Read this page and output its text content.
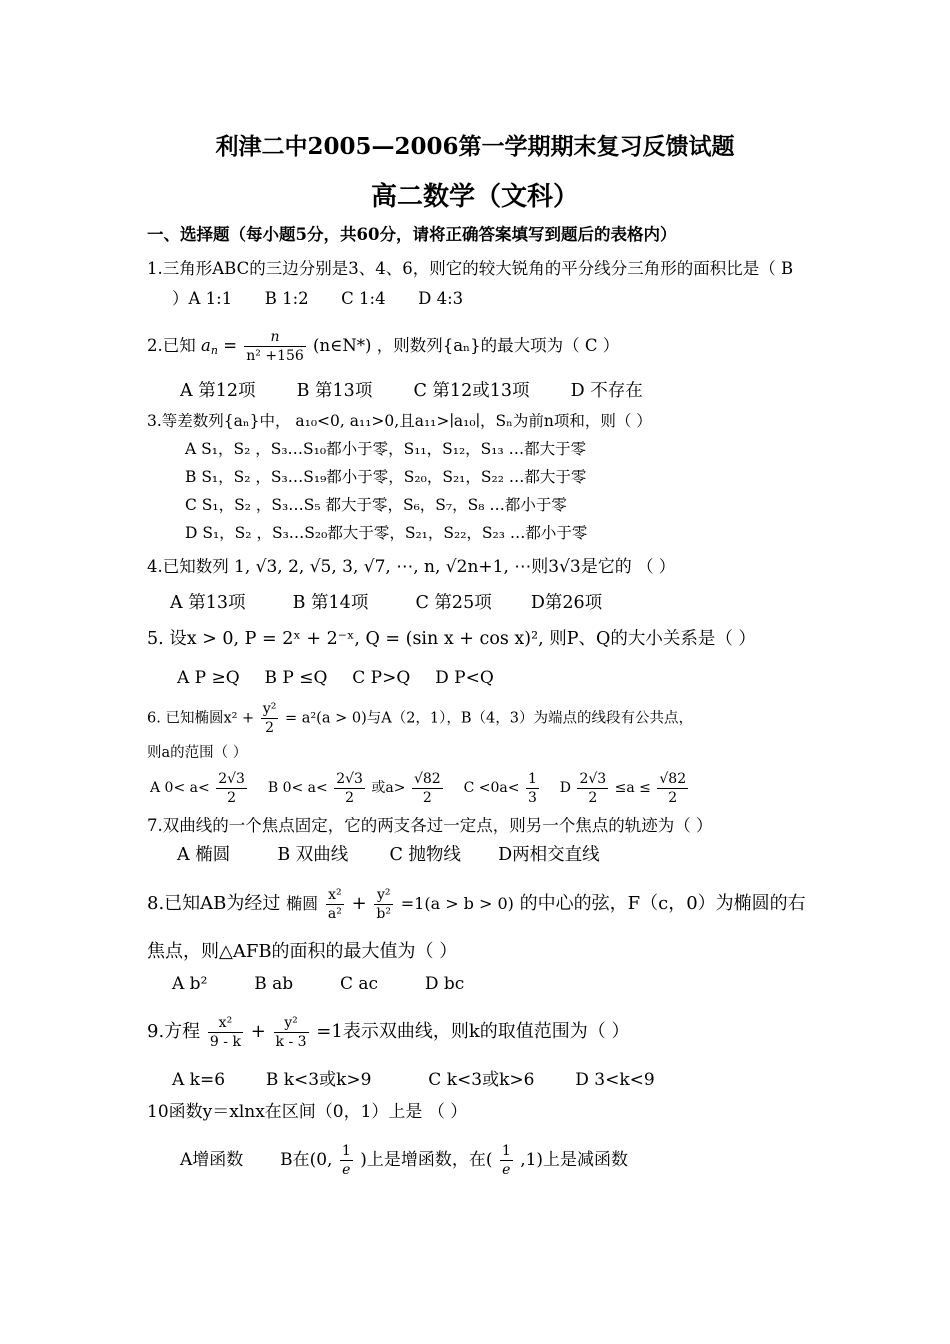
利津二中2005—2006第一学期期末复习反馈试题
高二数学（文科）
一、选择题（每小题5分，共60分，请将正确答案填写到题后的表格内）
1.三角形ABC的三边分别是3、4、6，则它的较大锐角的平分线分三角形的面积比是（ B
）A 1:1 B 1:2 C 1:4 D 4:3
2.已知 $a_n = \frac{n}{\text{n² +156}}$ (n∈N*) ，则数列{aₙ}的最大项为（ C ）
A 第12项 B 第13项 C 第12或13项 D 不存在
3.等差数列{aₙ}中， a₁₀<0, a₁₁>0,且a₁₁>∣a₁₀∣，Sₙ为前n项和，则（ ）
A S₁，S₂ ，S₃…S₁₀都小于零，S₁₁，S₁₂，S₁₃ …都大于零
B S₁，S₂ ，S₃…S₁₉都小于零，S₂₀，S₂₁，S₂₂ …都大于零
C S₁，S₂ ，S₃…S₅ 都大于零，S₆，S₇，S₈ …都小于零
D S₁，S₂ ，S₃…S₂₀都大于零，S₂₁，S₂₂，S₂₃ …都小于零
4.已知数列 1, √3, 2, √5, 3, √7, ⋯, n, √2n+1, ⋯则3√3是它的 （ ）
A 第13项	B 第14项	C 第25项 D第26项
5. 设x > 0, P = 2ˣ + 2⁻ˣ, Q = (sin x + cos x)², 则P、Q的大小关系是（ ）
A P ≥Q B P ≤Q C P>Q D P<Q
6. 已知椭圆$x^2 + \frac{\text{y²}}{2} = a^2(a > 0)$与A（2，1），B（4，3）为端点的线段有公共点，
则a的范围（ ）
A $0< a< \frac{2√3}{2}$ B $0< a< \frac{2√3}{2}$ 或$a> \frac{√82}{2}$ $C <0a< \frac{1}{3}$ D $\frac{2√3}{2} \le a \le \frac{√82}{2}$
7.双曲线的一个焦点固定，它的两支各过一定点，则另一个焦点的轨迹为（ ）
A 椭圆	B 双曲线 C 抛物线 D两相交直线
8.已知AB为经过 椭圆 $\frac{\text{x²}}{\text{a²}} + \frac{\text{y²}}{\text{b²}} =1(a > b > 0)$ 的中心的弦，F（c，0）为椭圆的右
焦点，则△AFB的面积的最大值为（ ）
A b²	B ab	C ac	D bc
9.方程 $\frac{\text{x²}}{9 - k} + \frac{\text{y²}}{k - 3} =1$表示双曲线，则k的取值范围为（ ）
A k=6 B k<3或k>9	C k<3或k>6 D 3<k<9
10函数y＝xlnx在区间（0，1）上是 （ ）
A增函数 B在(0, $\frac{1}{e}$ )上是增函数，在( $\frac{1}{e} ,1$)上是减函数
